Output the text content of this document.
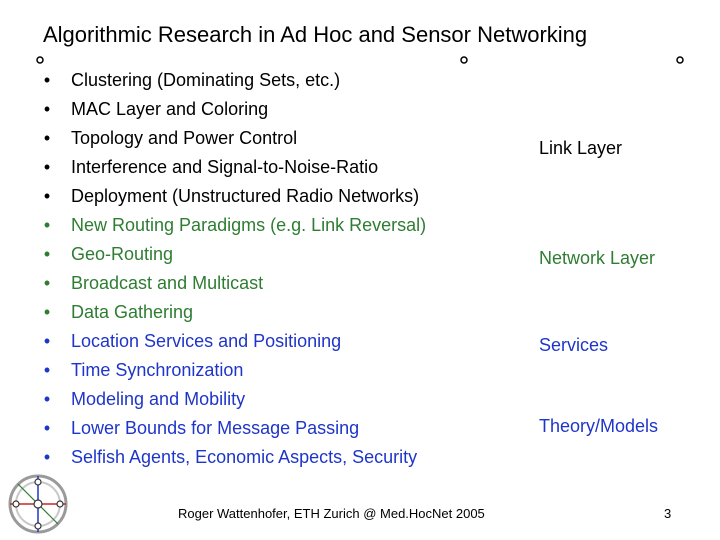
Algorithmic Research in Ad Hoc and Sensor Networking
• Clustering (Dominating Sets, etc.)
• MAC Layer and Coloring
• Topology and Power Control
• Interference and Signal-to-Noise-Ratio
• Deployment (Unstructured Radio Networks)
• New Routing Paradigms (e.g. Link Reversal)
• Geo-Routing
• Broadcast and Multicast
• Data Gathering
• Location Services and Positioning
• Time Synchronization
• Modeling and Mobility
• Lower Bounds for Message Passing
• Selfish Agents, Economic Aspects, Security
Link Layer
Network Layer
Services
Theory/Models
Roger Wattenhofer, ETH Zurich @ Med.HocNet 2005	3
